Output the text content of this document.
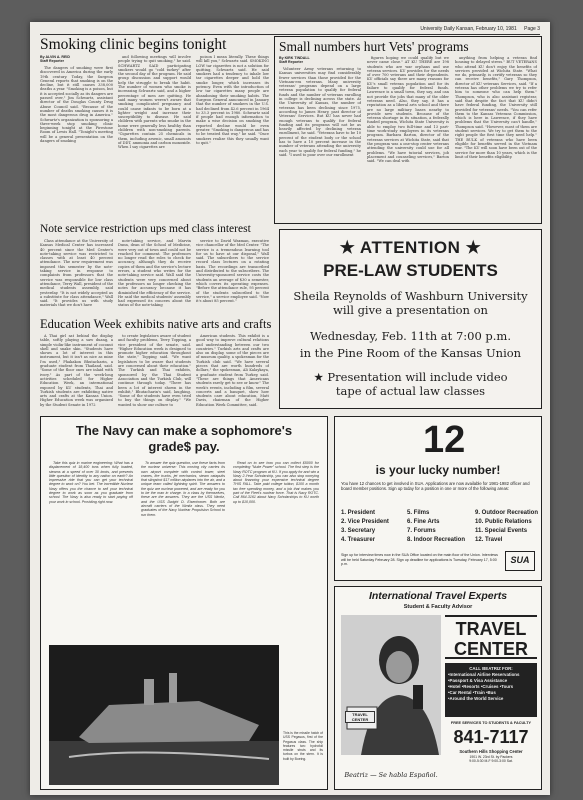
University Daily Kansan, February 10, 1981 Page 3
Smoking clinic begins tonight
By ALVIN A. REID
Staff Reporter

The dangers of smoking were first discovered in America during the early 19th century. Today, the Surgeon General reports that smoking is on the decline, but it still causes 338,000 deaths a year. "Smoking is a poison, but it is accepted socially as its dangers are passed over," Jim Schwartz, assistant director of the Douglas County Drug Abuse Council said. "Because of the number of deaths smoking causes it is the most dangerous drug in America." Schwartz's organization is sponsoring a three-week stop smoking clinic beginning tonight at the Firestone Room of Lewis Hall. "Tonight's meeting will be a general presentation on the dangers of smoking

and following meetings will involve people trying to quit smoking," he said. SCHWARTZ SAID participating smokers would go "cold turkey" after the second day of the program. He said group discussion and support would help the struggle to break the habit. The number of women who smoke is increasing Schwartz said, and a higher percentage of men are quitting. He said many women weren't aware that smoking complicated pregnancy and could cause infants to be born at a lighter weight and increase their susceptibility to disease. He said children with parents who smoke in the home were generally less healthy than children with non-smoking parents. "Cigarettes contain 25 chemicals in them, including arsenic, small amounts of DDT, ammonia and carbon monoxide. When I say cigarettes are

poison I mean literally. These things will kill you," Schwartz said. SMOKING LOW tar cigarettes is not a solution for quitting, Schwartz said. He said smokers had a tendency to inhale low tar cigarettes deeper and hold the smoke longer, which increases its potency. Even with the introduction of low tar cigarettes many people are abandoning their smoking habits. The Surgeon General announced in January that the number of smokers in the U.S. had declined from 42.6 percent in 1964 to 33.3 percent in 1980. Schwartz said if people had enough information to make a wise decision on smoking the reported decline would be even greater. "Smoking is dangerous and has to be treated that way," he said. "Once smokers realize this they usually want to quit."

Small numbers hurt Vets' programs
By KIRK TINDALL
Staff Reporter

Volunteer Army veterans returning to Kansas universities may find considerably fewer services than those provided for the Vietnam-era veterans. Many university veterans' programs depend on a large veteran population to qualify for federal funds and the number of veterans enrolling in college is declining across the state. At the University of Kansas, the number of veterans has been declining since 1975, according to James Henry, past director of Veterans' Services. But KU has never had enough veterans to qualify for federal funding and its programs will not be as heavily affected by declining veteran enrollment, he said. "Veterans have to be 10 percent of the student body or the school has to have a 10 percent increase in the number of veterans attending the university each year to qualify for federal funding," he said. "I used to pour over our enrollment

figures hoping we could qualify but we never came close." AT KU THERE are 198 students who are war orphans and use veteran services. KU provides for the needs of over 700 veterans and their dependents. KU officials say there are many reasons for KU's small veteran population and for its failure to qualify for federal funds. Lawrence is a small town, they say, and can not provide the jobs that many of the older veterans need. Also, they say, it has a reputation as a liberal arts school and there are no large military bases nearby to provide new students. Because of the veteran shortage in its situation, a federally funded program, Wichita State University is able to employ two full-time and 13 part-time work-study employees in its veterans program. Barbara Barton, director of the veterans services at Wichita State, said that the program was a one-stop center veterans attending the university could use for all problems. "We have tutorial services, job placement and counseling services," Barton said. "We can deal with

anything from helping a veteran find housing to delayed stress." BUT VETERANS who attend KU don't enjoy the benefits of services provided at Wichita State. "What we do, primarily, is certify veterans so they can receive benefits," Gary Thompson, director of KU veterans Services, said. "If a veteran has other problems we try to refer him to someone who can help them." Thompson, who is also assistant registrar, said that despite the fact that KU didn't have federal funding, the University still provided for veterans' needs. "You can refer them to the Kansas Veterans Commission, which is here in Lawrence, if they have problems that the University can't handle," Thompson said. "However, most of them are student services. We try to get them to the right people the first time they need help." THE BULK of veterans who have been eligible for benefits served in the Vietnam war. "The KU will soon have been out of the service for more than 10 years, which is the limit of their benefits eligibility.

Note service restriction ups med class interest

Class attendance at the University of Kansas Medical Center has increased 40 percent since the Med Center's note-taking service was restricted to classes with at least 40 percent attendance. The new requirement was imposed this semester by the note-taking service in response to complaints from professors that the service was responsible for low class attendance, Terry Wall, president of the medical students assembly, said yesterday. "It is not widely accepted as a substitute for class attendance," Wall said. "It provides us with study materials that we don't have

note-taking service, and Marvin Dunn, dean of the School of Medicine, were very out of town and could not be reached for comment. The professors no longer read the roles to check for accuracy, although they do receive copies of them and the service's lecture errors, a student who writes for the note-taking service said. Wall said the students were very concerned about the professors no longer checking the notes for accuracy because it has diminished the efficiency of the service. He said the medical students' assembly had expressed its concern about the status of the note-taking

service to David Waxman, executive vice chancellor of the Med Center. "The service is a tremendous learning tool for us to have at our disposal," Wall said. The subscribers to the service record class lectures on a rotating basis. The recordings are transcribed and distributed to the subscribers. The University-sponsored service costs the students an average of $30 a semester, which covers its operating expenses. "Before the attendance rule, 95 percent of the students subscribed to the service," a service employee said. "Now it's about 85 percent."

★ ATTENTION ★
PRE-LAW STUDENTS
Sheila Reynolds of Washburn University will give a presentation on
Wednesday, Feb. 11th at 7:00 p.m.
in the Pine Room of the Kansas Union
★ Presentation will include video tape of actual law classes
Education Week exhibits native arts and crafts

A Thai girl sat behind the display table, softly playing a saw duang, a simple violin-like instrument of coconut shell and snake skin. "Students have shown a lot of interest in this instrument, but it isn't as nice as mine I'm used," Phakakon Bhutacharin, a graduate student from Thailand, said. "Some of the floor ones are inlaid with ivory." As part of the week-long activities scheduled for Higher Education Week, an international exposed by KU students, Thai and Turkish students are exhibiting native arts and crafts at the Kansas Union. Higher Education week was organized by the Student Senate in 1972

to create legislators aware of student and faculty problems, Terry Topping, a vice president of the senate, said. "Higher Education week is designed to promote higher education throughout the state," Topping said. "We want legislators to be aware that students are concerned about their education." The Turkish and Thai exhibits, sponsored by the Thai Student Association and the Turkish Club, will continue through today. "There has been a lot of interest shown in the exhibit," Bhutacharin's said, laughing. "Some of the students have even tried to buy the things on display." "We wanted to show our culture to

American students. This exhibit is a good way to improve cultural relations and understanding between our two countries." Turkish arts and crafts are also on display, some of the pieces are of museum quality, a spokesman for the Turkish club said. "We have several pieces that are worth hundreds of dollars," the spokesman, Ali Kalaykaya, a graduate student from Turkey, said. "These are things that Americans students rarely get to see or know." The week's events, including a film, several concerts and a banquet, show how students care about education, Matt Davis, chairman of the Higher Education Week Committee, said.

The Navy can make a sophomore's grade$ pay.

Take this quiz in marine engineering: What has a displacement of 18,400 tons when fully loaded, steams at a speed of over 30 knots, and presents little question of identity to any nation on earth? An impressive ride that you can get your technical degree to work on? You bet. The incredible Nuclear Navy offers you the chance to sell your technical degree to work as soon as you graduate from school. The Navy is also ready to start paying off your work in school. Providing right now.

To answer the quiz question, use these facts from the nuclear universe: This moving city carries its own airport complete with control tower, steel cranes, fire trucks, jet mechanics, steam catapults that slingshot $17 million airplanes into the air, and a unique team called lightning spirit. The answers to the quiz are nuclear powered, and are ready for you to be the man in charge. In a class by themselves, these are the answers. They are the USS Nimitz, and the USS Dwight D. Eisenhower. Both are aircraft carriers of the Nimitz class. They need graduates of the Navy Nuclear Propulsion School to run them.

Read on to see how you can collect $5000 for completing "Nuke Power" school. The first step is the Navy ROTC program at KU. If you apply for and win a Navy 2-Year Scholarship, you can also stop worrying about financing your expensive technical degree THIS FALL. Take paid college tuition, $100 a month tax free spending money, and a job that makes you part of the Fleet's nuclear force. That is Navy ROTC. Call 864-3161 about Navy Scholarships to KU worth up to $10,000.

This is the missile hatch of USS Pegasus, first of the Pegasus class. The ship features two hydrofoil missile struts and its turbos on the stern. It is built by Boeing.

12
is your lucky number!
You have 12 chances to get involved in SUA. Applications are now available for 1981-1982 officer and board member positions. Sign up today for a position in one or more of the following areas:
1. President
2. Vice President
3. Secretary
4. Treasurer
5. Films
6. Fine Arts
7. Forums
8. Indoor Recreation
9. Outdoor Recreation
10. Public Relations
11. Special Events
12. Travel
Sign up for interview times now in the SUA Office located on the main floor of the Union. Interviews will be held Saturday February 28. Sign up deadline for applications is Tuesday, February 17, 5:00 p.m.	SUA
International Travel Experts
Student & Faculty Advisor
TRAVEL
CENTER
TRAVEL
CENTER
CALL BEATRIZ FOR:
•International Airline Reservations
•Passport & Visa Assistance
•Hotel •Resorts •Cruises •Tours
•Car Rental •Train •Bus
•Around the World Service
FREE SERVICES TO STUDENTS & FACULTY
841-7117
Southern Hills Shopping Center
1901 W. 23rd St. by Packers
9:00-5:30 M-F 9:00-3:00 Sat.
Beatriz — Se habla Español.
